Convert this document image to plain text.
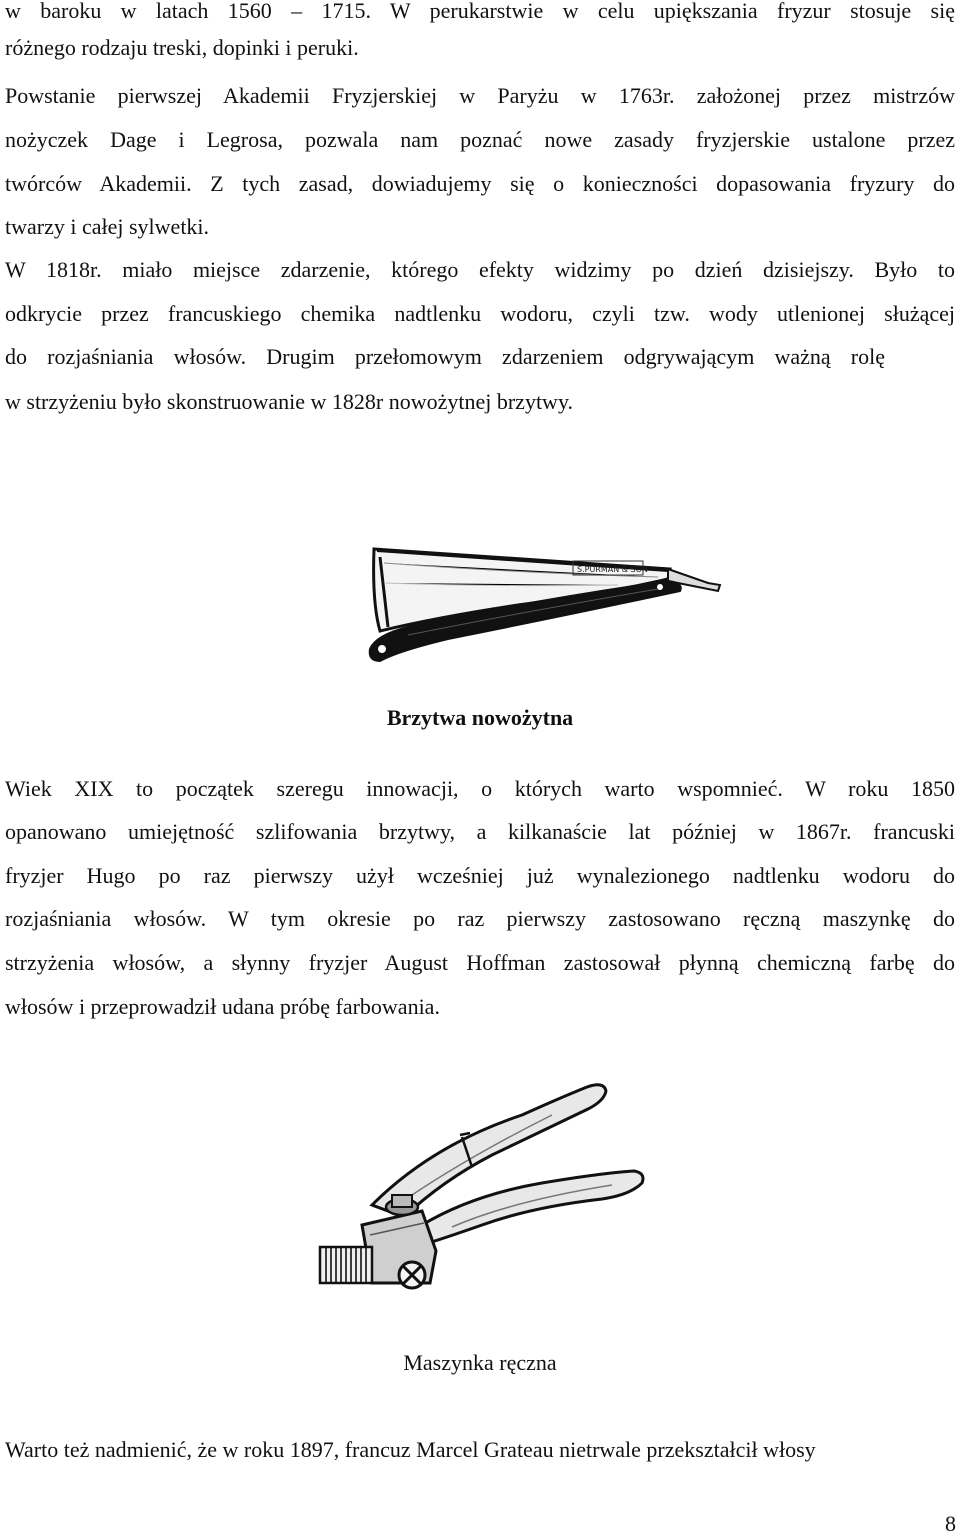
w baroku w latach 1560 – 1715. W perukarstwie w celu upiększania fryzur stosuje się
różnego rodzaju treski, dopinki i peruki.
Powstanie pierwszej Akademii Fryzjerskiej w Paryżu w 1763r. założonej przez mistrzów
nożyczek Dage i Legrosa, pozwala nam poznać nowe zasady fryzjerskie ustalone przez
twórców Akademii. Z tych zasad, dowiadujemy się o konieczności dopasowania fryzury do
twarzy i całej sylwetki.
W 1818r. miało miejsce zdarzenie, którego efekty widzimy po dzień dzisiejszy. Było to
odkrycie przez francuskiego chemika nadtlenku wodoru, czyli tzw. wody utlenionej służącej
do rozjaśniania włosów. Drugim przełomowym zdarzeniem odgrywającym ważną rolę
w strzyżeniu było skonstruowanie w 1828r nowożytnej brzytwy.
S.PURMAN & SON
Brzytwa nowożytna
Wiek XIX to początek szeregu innowacji, o których warto wspomnieć. W roku 1850
opanowano umiejętność szlifowania brzytwy, a kilkanaście lat później w 1867r. francuski
fryzjer Hugo po raz pierwszy użył wcześniej już wynalezionego nadtlenku wodoru do
rozjaśniania włosów. W tym okresie po raz pierwszy zastosowano ręczną maszynkę do
strzyżenia włosów, a słynny fryzjer August Hoffman zastosował płynną chemiczną farbę do
włosów i przeprowadził udana próbę farbowania.
Maszynka ręczna
Warto też nadmienić, że w roku 1897, francuz Marcel Grateau nietrwale przekształcił włosy
8
